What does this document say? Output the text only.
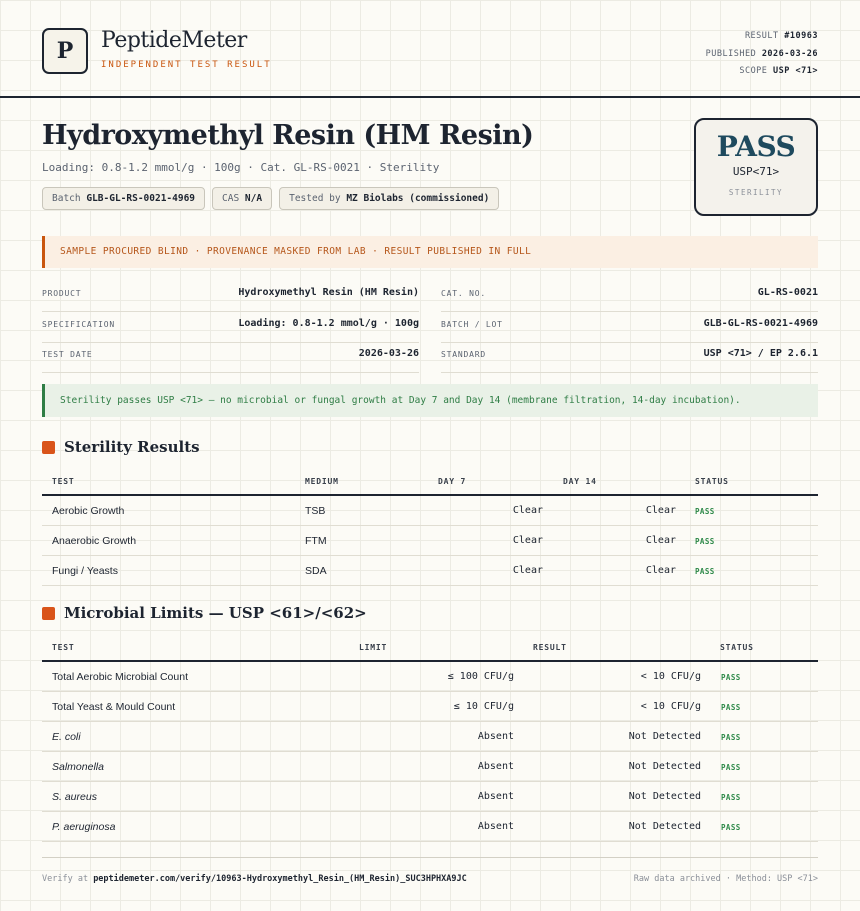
P	PeptideMeter
INDEPENDENT TEST RESULT
RESULT #10963
PUBLISHED 2026-03-26
SCOPE USP <71>
Hydroxymethyl Resin (HM Resin)
Loading: 0.8-1.2 mmol/g · 100g · Cat. GL-RS-0021 · Sterility
Batch GLB-GL-RS-0021-4969	CAS N/A	Tested by MZ Biolabs (commissioned)
PASS
USP<71>
STERILITY
SAMPLE PROCURED BLIND · PROVENANCE MASKED FROM LAB · RESULT PUBLISHED IN FULL
PRODUCT	Hydroxymethyl Resin (HM Resin)
SPECIFICATION	Loading: 0.8-1.2 mmol/g · 100g
TEST DATE	2026-03-26
CAT. NO.	GL-RS-0021
BATCH / LOT	GLB-GL-RS-0021-4969
STANDARD	USP <71> / EP 2.6.1
Sterility passes USP <71> — no microbial or fungal growth at Day 7 and Day 14 (membrane filtration, 14-day incubation).
Sterility Results
TEST	MEDIUM	DAY 7	DAY 14	STATUS
Aerobic Growth	TSB	Clear	Clear	PASS
Anaerobic Growth	FTM	Clear	Clear	PASS
Fungi / Yeasts	SDA	Clear	Clear	PASS
Microbial Limits — USP <61>/<62>
TEST	LIMIT	RESULT	STATUS
Total Aerobic Microbial Count	≤ 100 CFU/g	< 10 CFU/g	PASS
Total Yeast & Mould Count	≤ 10 CFU/g	< 10 CFU/g	PASS
E. coli	Absent	Not Detected	PASS
Salmonella	Absent	Not Detected	PASS
S. aureus	Absent	Not Detected	PASS
P. aeruginosa	Absent	Not Detected	PASS
Verify at peptidemeter.com/verify/10963-Hydroxymethyl_Resin_(HM_Resin)_SUC3HPHXA9JC	Raw data archived · Method: USP <71>
